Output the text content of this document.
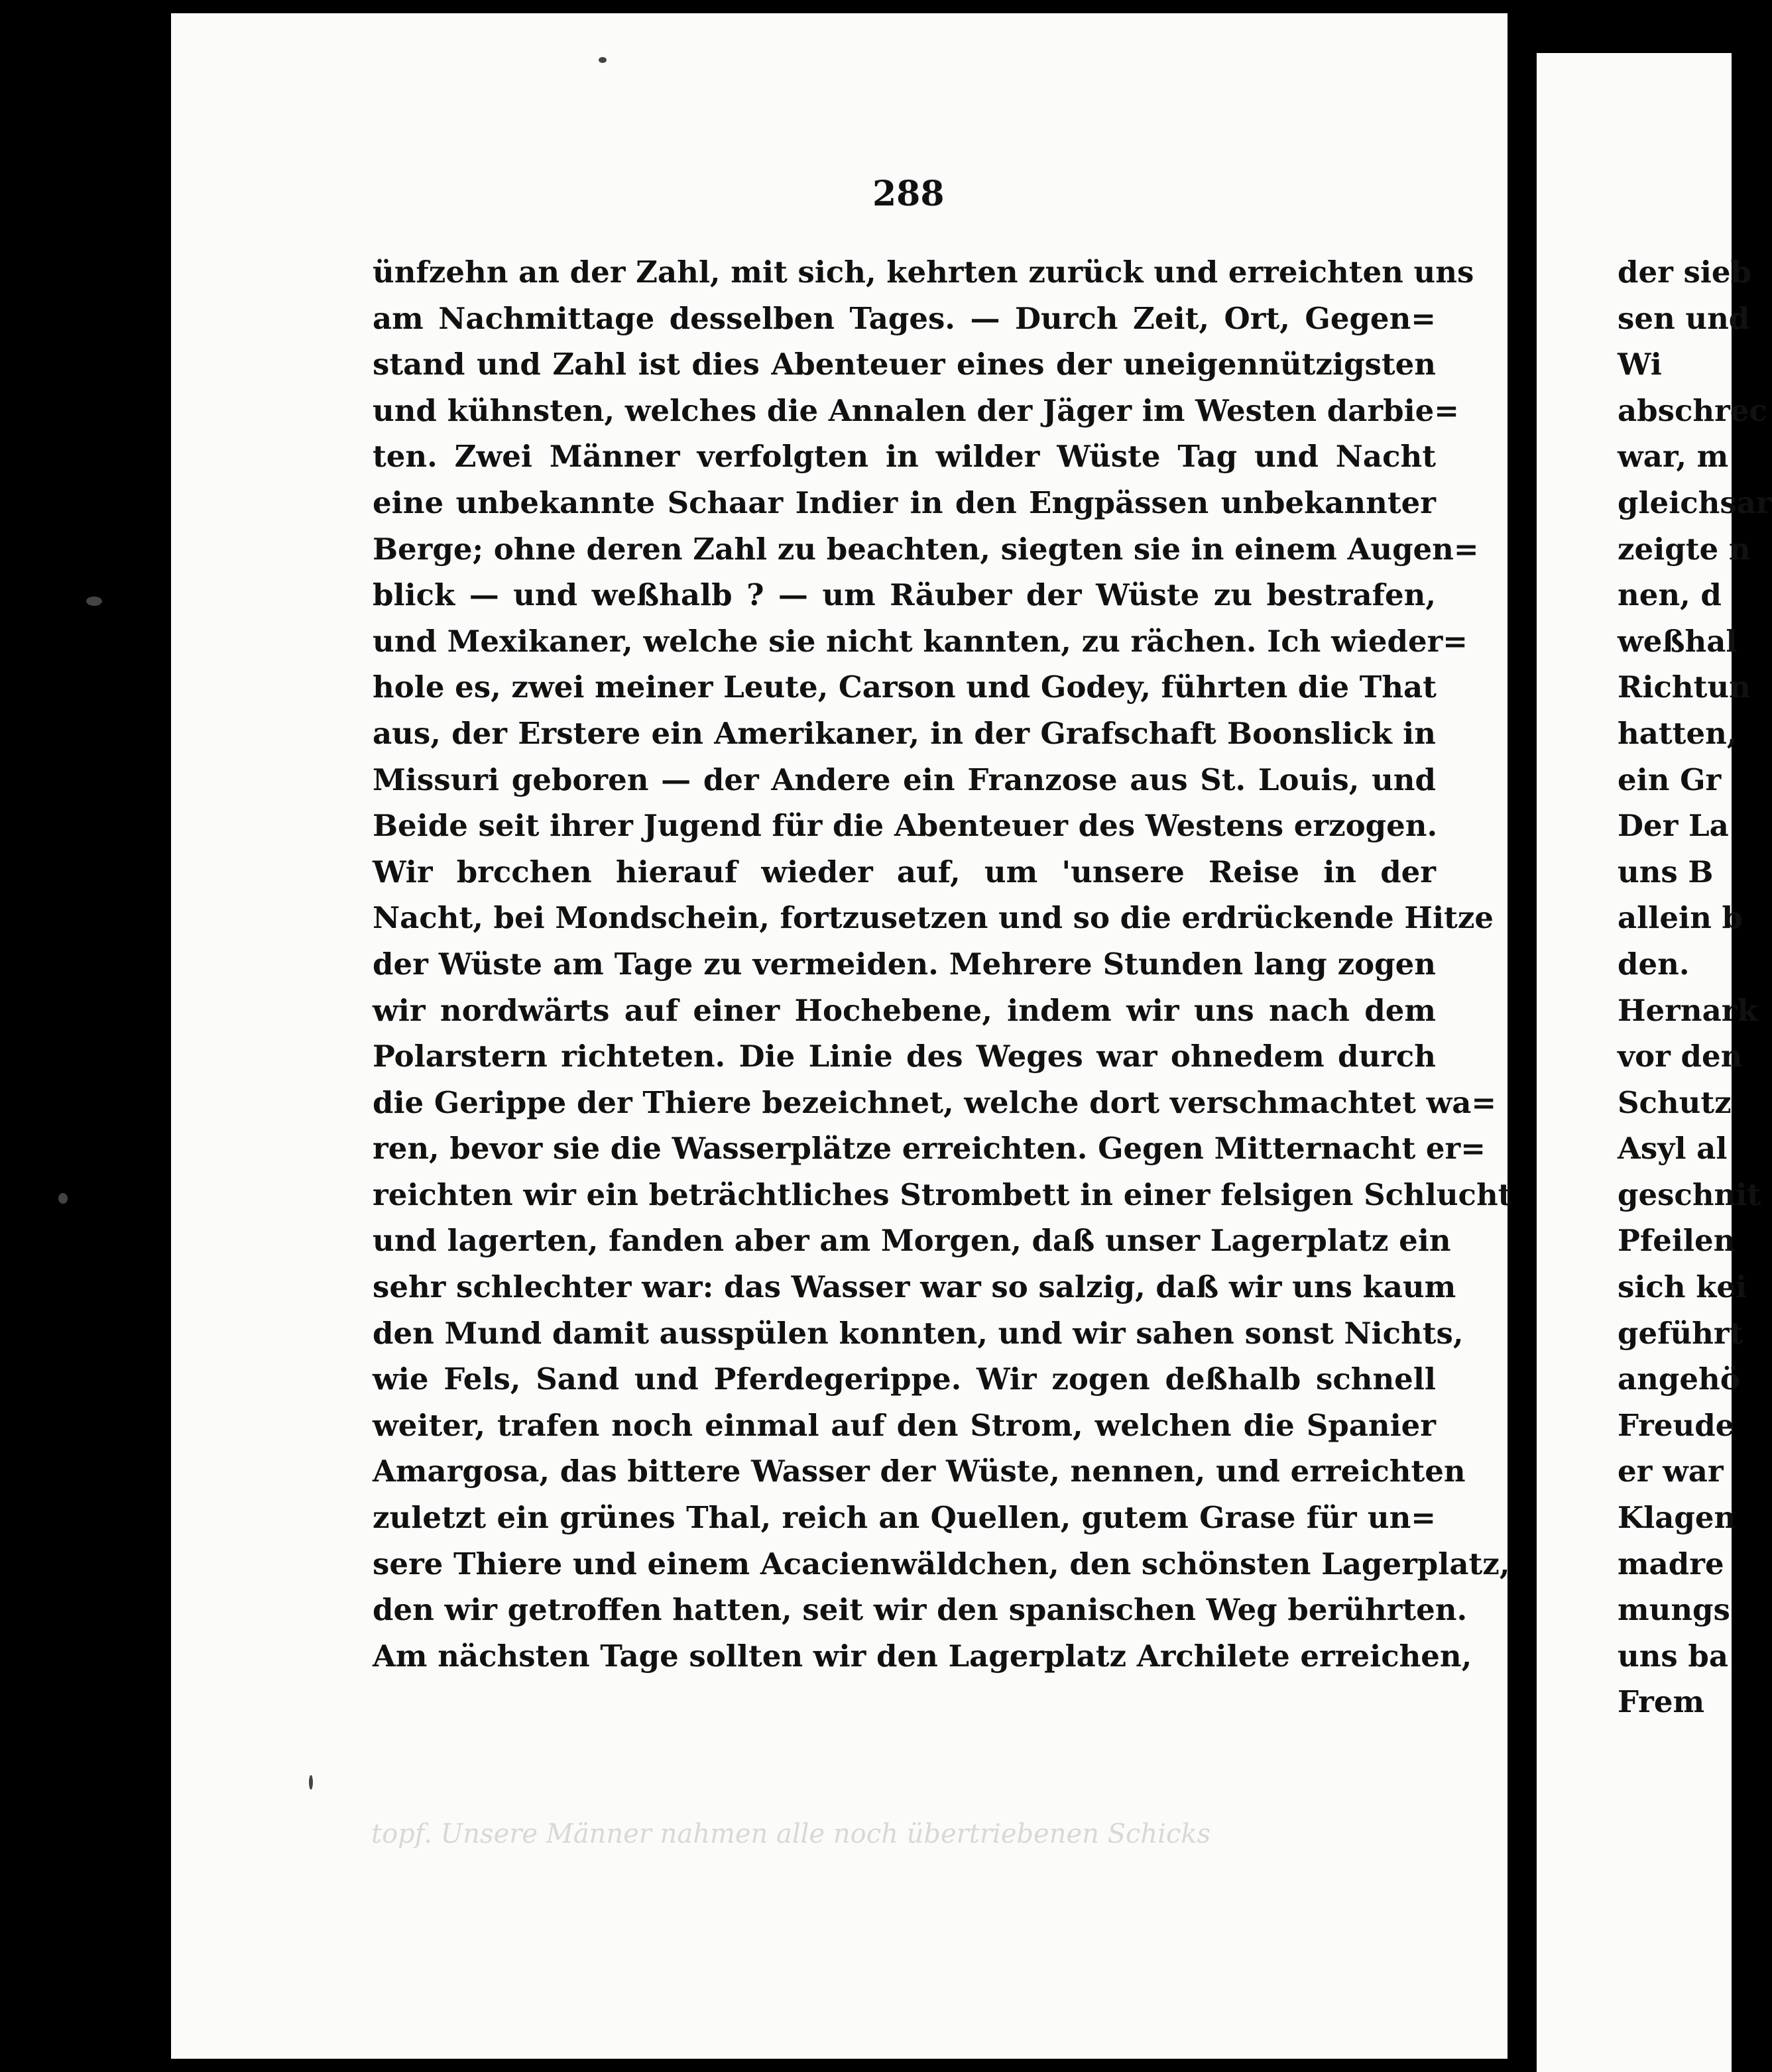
288
ünfzehn an der Zahl, mit sich, kehrten zurück und erreichten uns
am Nachmittage desselben Tages. — Durch Zeit, Ort, Gegen=
stand und Zahl ist dies Abenteuer eines der uneigennützigsten
und kühnsten, welches die Annalen der Jäger im Westen darbie=
ten. Zwei Männer verfolgten in wilder Wüste Tag und Nacht
eine unbekannte Schaar Indier in den Engpässen unbekannter
Berge; ohne deren Zahl zu beachten, siegten sie in einem Augen=
blick — und weßhalb ? — um Räuber der Wüste zu bestrafen,
und Mexikaner, welche sie nicht kannten, zu rächen. Ich wieder=
hole es, zwei meiner Leute, Carson und Godey, führten die That
aus, der Erstere ein Amerikaner, in der Grafschaft Boonslick in
Missuri geboren — der Andere ein Franzose aus St. Louis, und
Beide seit ihrer Jugend für die Abenteuer des Westens erzogen.
Wir brcchen hierauf wieder auf, um 'unsere Reise in der
Nacht, bei Mondschein, fortzusetzen und so die erdrückende Hitze
der Wüste am Tage zu vermeiden. Mehrere Stunden lang zogen
wir nordwärts auf einer Hochebene, indem wir uns nach dem
Polarstern richteten. Die Linie des Weges war ohnedem durch
die Gerippe der Thiere bezeichnet, welche dort verschmachtet wa=
ren, bevor sie die Wasserplätze erreichten. Gegen Mitternacht er=
reichten wir ein beträchtliches Strombett in einer felsigen Schlucht
und lagerten, fanden aber am Morgen, daß unser Lagerplatz ein
sehr schlechter war: das Wasser war so salzig, daß wir uns kaum
den Mund damit ausspülen konnten, und wir sahen sonst Nichts,
wie Fels, Sand und Pferdegerippe. Wir zogen deßhalb schnell
weiter, trafen noch einmal auf den Strom, welchen die Spanier
Amargosa, das bittere Wasser der Wüste, nennen, und erreichten
zuletzt ein grünes Thal, reich an Quellen, gutem Grase für un=
sere Thiere und einem Acacienwäldchen, den schönsten Lagerplatz,
den wir getroffen hatten, seit wir den spanischen Weg berührten.
Am nächsten Tage sollten wir den Lagerplatz Archilete erreichen,
topf. Unsere Männer nahmen alle noch übertriebenen Schicks
der sieb
sen und
Wi
abschrec
war, m
gleichsar
zeigte n
nen, d
weßhal
Richtun
hatten,
ein Gr
Der La
uns B
allein b
den.
Hernark
vor den
Schutz
Asyl al
geschnit
Pfeilen
sich kei
geführt
angehö
Freude
er war
Klagen
madre
mungs
uns ba
Frem
